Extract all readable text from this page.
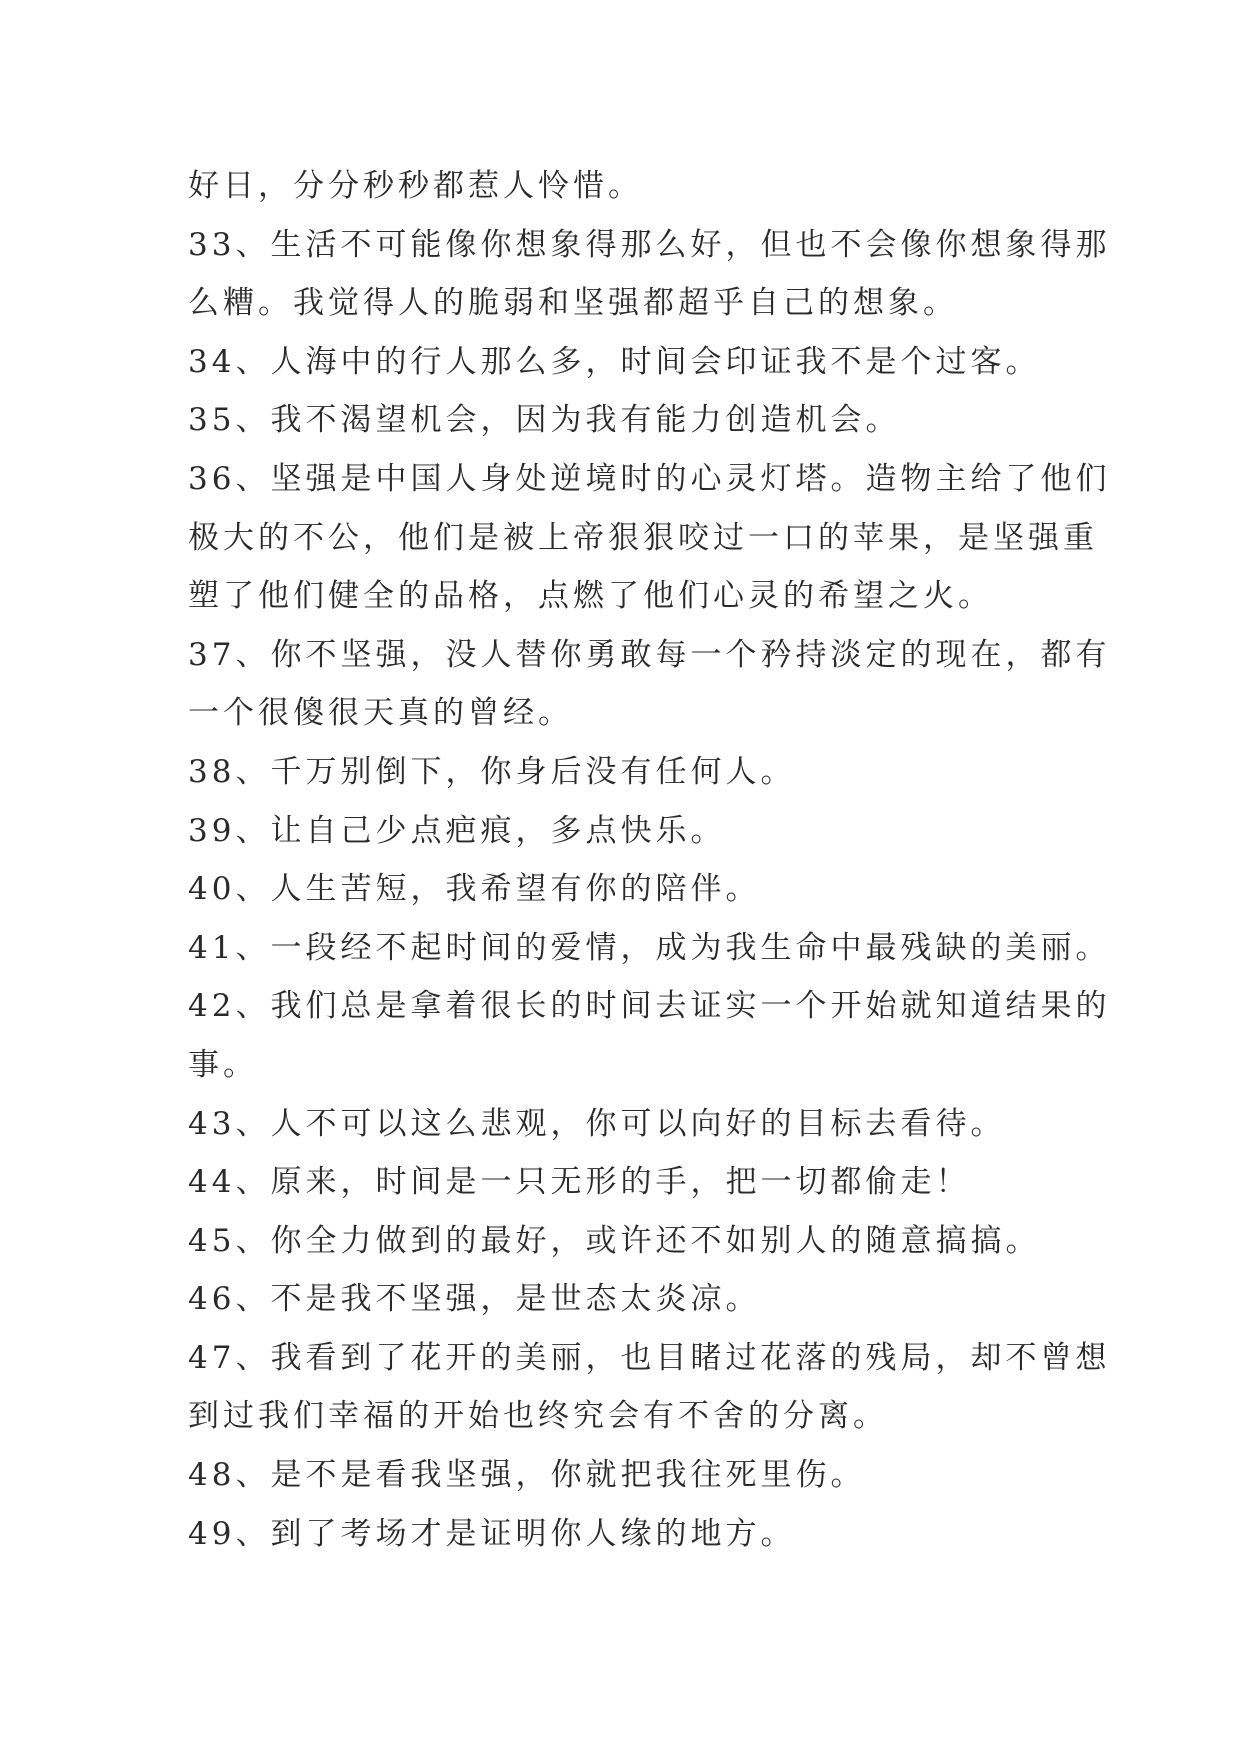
好日，分分秒秒都惹人怜惜。
33、生活不可能像你想象得那么好，但也不会像你想象得那
么糟。我觉得人的脆弱和坚强都超乎自己的想象。
34、人海中的行人那么多，时间会印证我不是个过客。
35、我不渴望机会，因为我有能力创造机会。
36、坚强是中国人身处逆境时的心灵灯塔。造物主给了他们
极大的不公，他们是被上帝狠狠咬过一口的苹果，是坚强重
塑了他们健全的品格，点燃了他们心灵的希望之火。
37、你不坚强，没人替你勇敢每一个矜持淡定的现在，都有
一个很傻很天真的曾经。
38、千万别倒下，你身后没有任何人。
39、让自己少点疤痕，多点快乐。
40、人生苦短，我希望有你的陪伴。
41、一段经不起时间的爱情，成为我生命中最残缺的美丽。
42、我们总是拿着很长的时间去证实一个开始就知道结果的
事。
43、人不可以这么悲观，你可以向好的目标去看待。
44、原来，时间是一只无形的手，把一切都偷走！
45、你全力做到的最好，或许还不如别人的随意搞搞。
46、不是我不坚强，是世态太炎凉。
47、我看到了花开的美丽，也目睹过花落的残局，却不曾想
到过我们幸福的开始也终究会有不舍的分离。
48、是不是看我坚强，你就把我往死里伤。
49、到了考场才是证明你人缘的地方。
